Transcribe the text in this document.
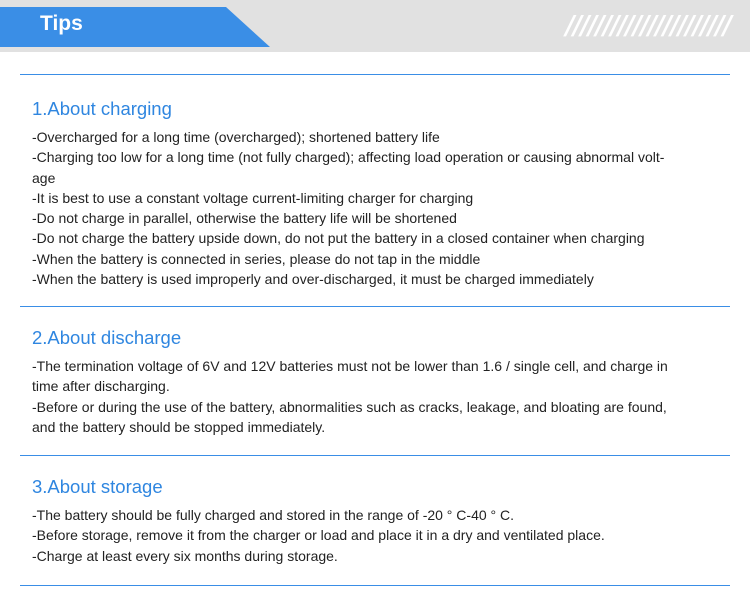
Tips	//////////////////////
1.About charging
-Overcharged for a long time (overcharged); shortened battery life
-Charging too low for a long time (not fully charged); affecting load operation or causing abnormal volt-
age
-It is best to use a constant voltage current-limiting charger for charging
-Do not charge in parallel, otherwise the battery life will be shortened
-Do not charge the battery upside down, do not put the battery in a closed container when charging
-When the battery is connected in series, please do not tap in the middle
-When the battery is used improperly and over-discharged, it must be charged immediately
2.About discharge
-The termination voltage of 6V and 12V batteries must not be lower than 1.6 / single cell, and charge in
time after discharging.
-Before or during the use of the battery, abnormalities such as cracks, leakage, and bloating are found,
and the battery should be stopped immediately.
3.About storage
-The battery should be fully charged and stored in the range of -20 ° C-40 ° C.
-Before storage, remove it from the charger or load and place it in a dry and ventilated place.
-Charge at least every six months during storage.
